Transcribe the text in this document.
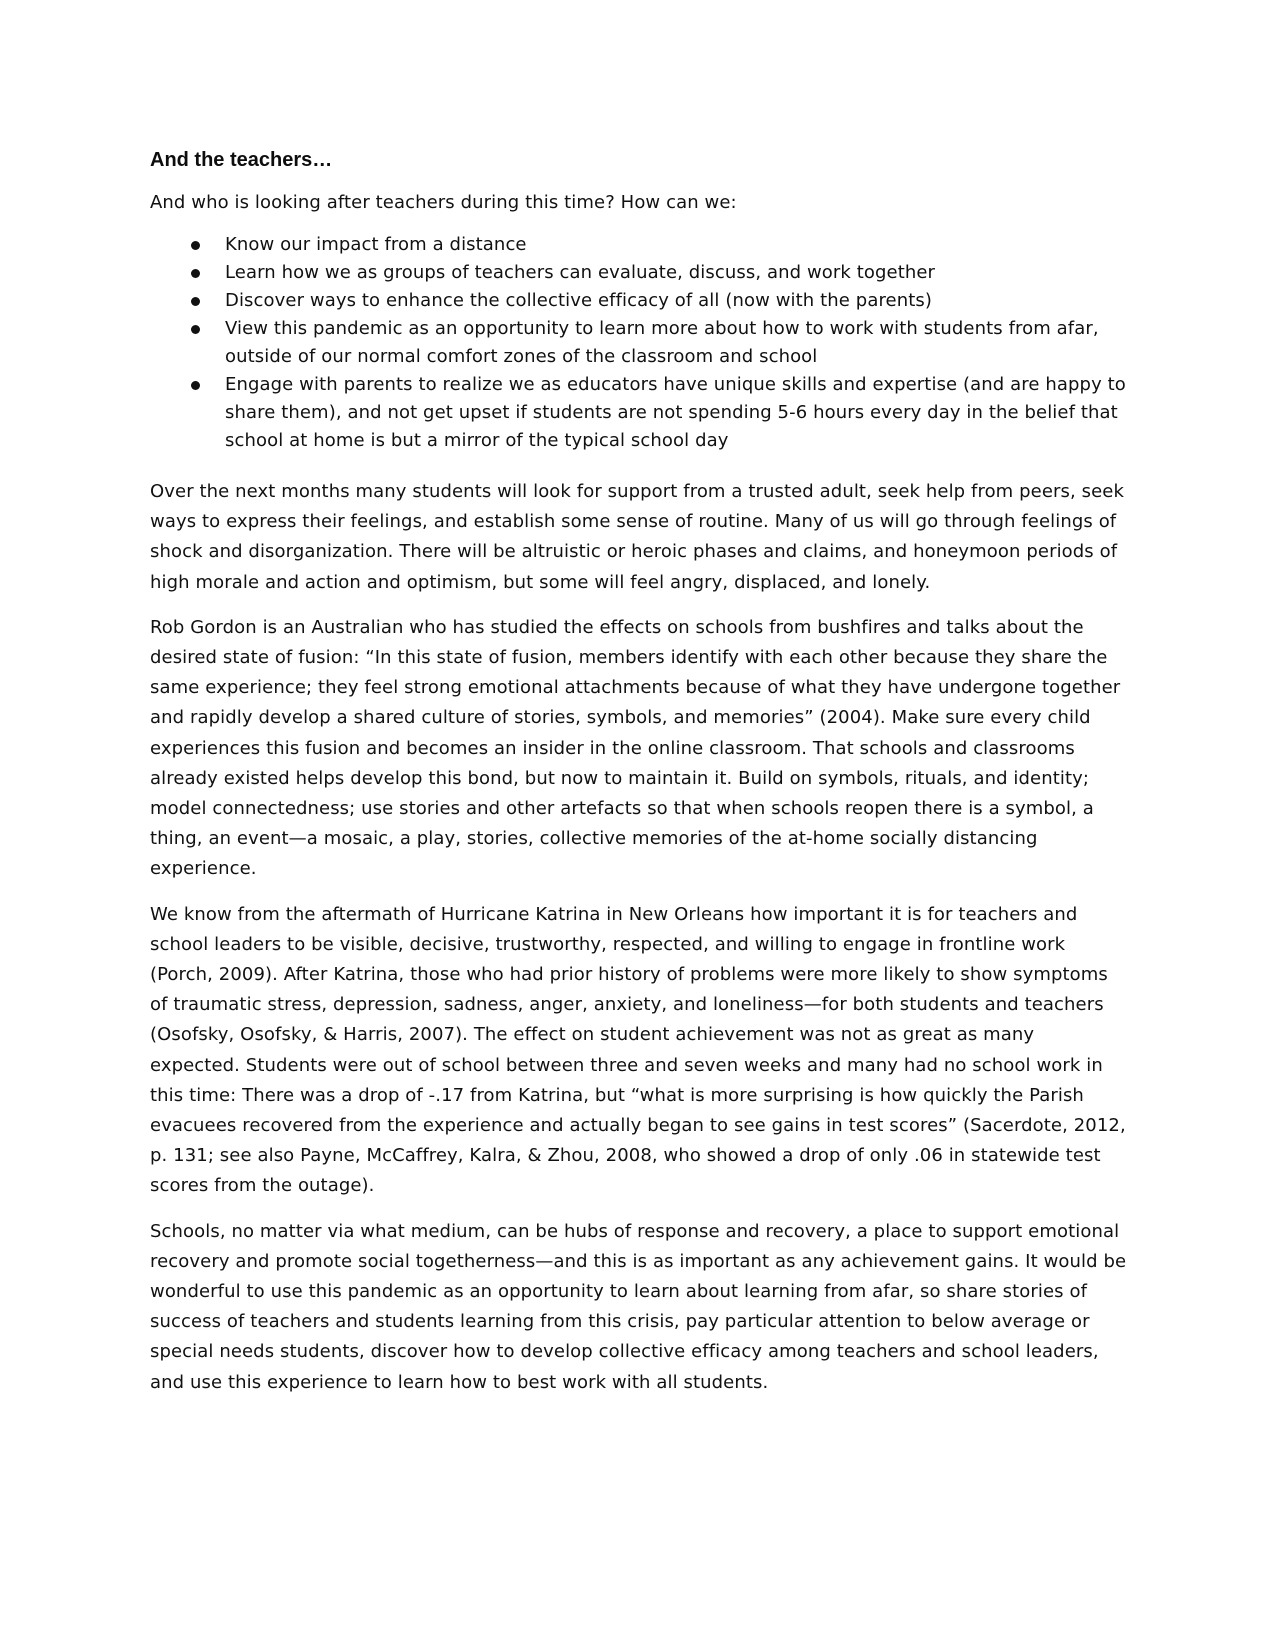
And the teachers…

And who is looking after teachers during this time? How can we:

Know our impact from a distance
Learn how we as groups of teachers can evaluate, discuss, and work together
Discover ways to enhance the collective efficacy of all (now with the parents)
View this pandemic as an opportunity to learn more about how to work with students from afar, outside of our normal comfort zones of the classroom and school
Engage with parents to realize we as educators have unique skills and expertise (and are happy to share them), and not get upset if students are not spending 5-6 hours every day in the belief that school at home is but a mirror of the typical school day

Over the next months many students will look for support from a trusted adult, seek help from peers, seek ways to express their feelings, and establish some sense of routine. Many of us will go through feelings of shock and disorganization. There will be altruistic or heroic phases and claims, and honeymoon periods of high morale and action and optimism, but some will feel angry, displaced, and lonely.

Rob Gordon is an Australian who has studied the effects on schools from bushfires and talks about the desired state of fusion: “In this state of fusion, members identify with each other because they share the same experience; they feel strong emotional attachments because of what they have undergone together and rapidly develop a shared culture of stories, symbols, and memories” (2004). Make sure every child experiences this fusion and becomes an insider in the online classroom. That schools and classrooms already existed helps develop this bond, but now to maintain it. Build on symbols, rituals, and identity; model connectedness; use stories and other artefacts so that when schools reopen there is a symbol, a thing, an event—a mosaic, a play, stories, collective memories of the at-home socially distancing experience.

We know from the aftermath of Hurricane Katrina in New Orleans how important it is for teachers and school leaders to be visible, decisive, trustworthy, respected, and willing to engage in frontline work (Porch, 2009). After Katrina, those who had prior history of problems were more likely to show symptoms of traumatic stress, depression, sadness, anger, anxiety, and loneliness—for both students and teachers (Osofsky, Osofsky, & Harris, 2007). The effect on student achievement was not as great as many expected. Students were out of school between three and seven weeks and many had no school work in this time: There was a drop of -.17 from Katrina, but “what is more surprising is how quickly the Parish evacuees recovered from the experience and actually began to see gains in test scores” (Sacerdote, 2012, p. 131; see also Payne, McCaffrey, Kalra, & Zhou, 2008, who showed a drop of only .06 in statewide test scores from the outage).

Schools, no matter via what medium, can be hubs of response and recovery, a place to support emotional recovery and promote social togetherness—and this is as important as any achievement gains. It would be wonderful to use this pandemic as an opportunity to learn about learning from afar, so share stories of success of teachers and students learning from this crisis, pay particular attention to below average or special needs students, discover how to develop collective efficacy among teachers and school leaders, and use this experience to learn how to best work with all students.
